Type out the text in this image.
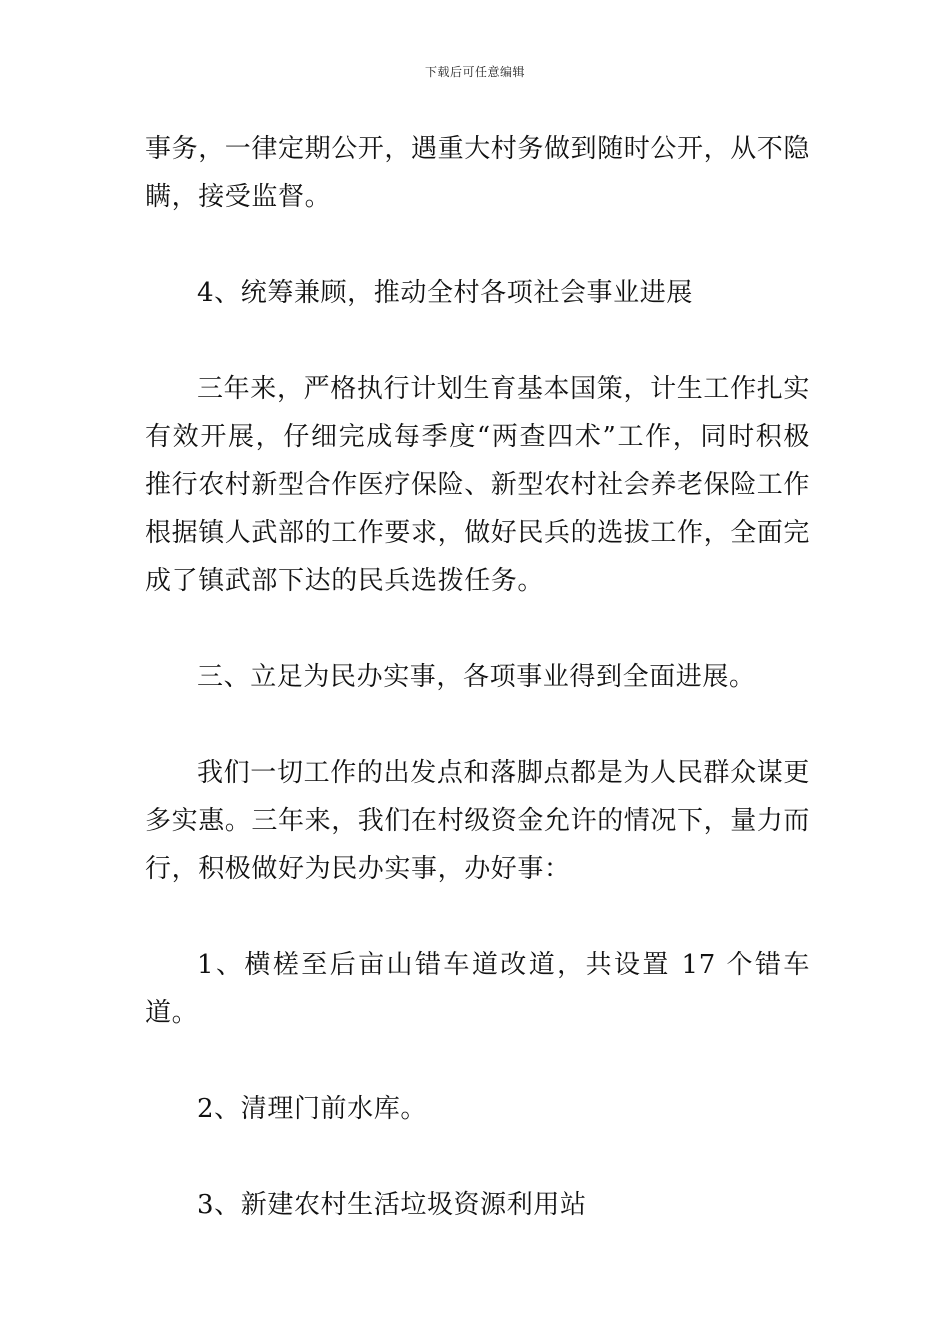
下载后可任意编辑

事务，一律定期公开，遇重大村务做到随时公开，从不隐瞒，接受监督。

4、统筹兼顾，推动全村各项社会事业进展

三年来，严格执行计划生育基本国策，计生工作扎实有效开展，仔细完成每季度“两查四术”工作，同时积极推行农村新型合作医疗保险、新型农村社会养老保险工作根据镇人武部的工作要求，做好民兵的选拔工作，全面完成了镇武部下达的民兵选拨任务。

三、立足为民办实事，各项事业得到全面进展。

我们一切工作的出发点和落脚点都是为人民群众谋更多实惠。三年来，我们在村级资金允许的情况下，量力而行，积极做好为民办实事，办好事：

1、横槎至后亩山错车道改道，共设置 17 个错车道。

2、清理门前水库。

3、新建农村生活垃圾资源利用站
